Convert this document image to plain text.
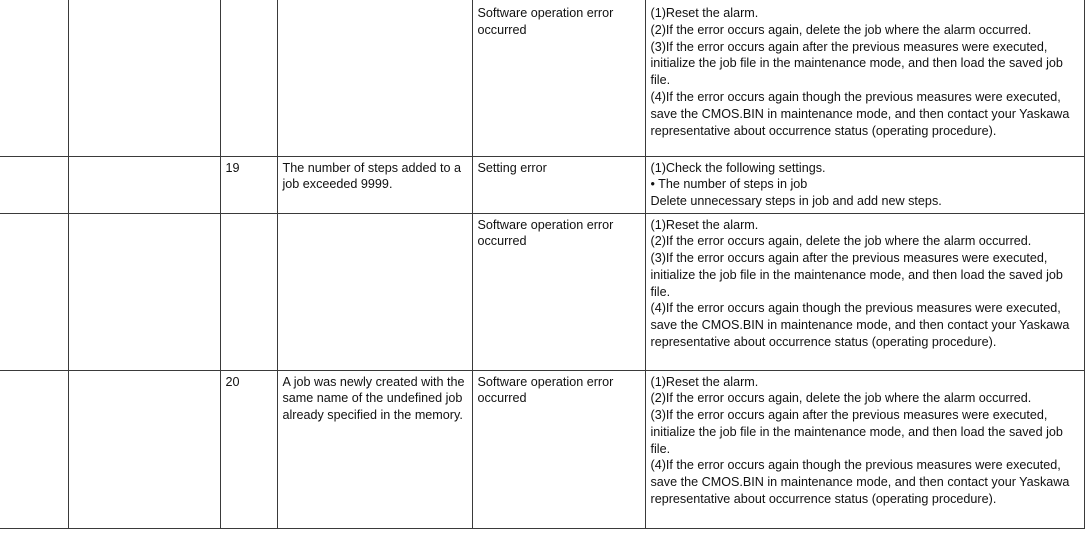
				Software operation error occurred	(1)Reset the alarm.
(2)If the error occurs again, delete the job where the alarm occurred.
(3)If the error occurs again after the previous measures were executed, initialize the job file in the maintenance mode, and then load the saved job file.
(4)If the error occurs again though the previous measures were executed, save the CMOS.BIN in maintenance mode, and then contact your Yaskawa representative about occurrence status (operating procedure).

		19	The number of steps added to a job exceeded 9999.	Setting error	(1)Check the following settings.
• The number of steps in job
Delete unnecessary steps in job and add new steps.

				Software operation error occurred	(1)Reset the alarm.
(2)If the error occurs again, delete the job where the alarm occurred.
(3)If the error occurs again after the previous measures were executed, initialize the job file in the maintenance mode, and then load the saved job file.
(4)If the error occurs again though the previous measures were executed, save the CMOS.BIN in maintenance mode, and then contact your Yaskawa representative about occurrence status (operating procedure).

		20	A job was newly created with the same name of the undefined job already specified in the memory.	Software operation error occurred	(1)Reset the alarm.
(2)If the error occurs again, delete the job where the alarm occurred.
(3)If the error occurs again after the previous measures were executed, initialize the job file in the maintenance mode, and then load the saved job file.
(4)If the error occurs again though the previous measures were executed, save the CMOS.BIN in maintenance mode, and then contact your Yaskawa representative about occurrence status (operating procedure).
